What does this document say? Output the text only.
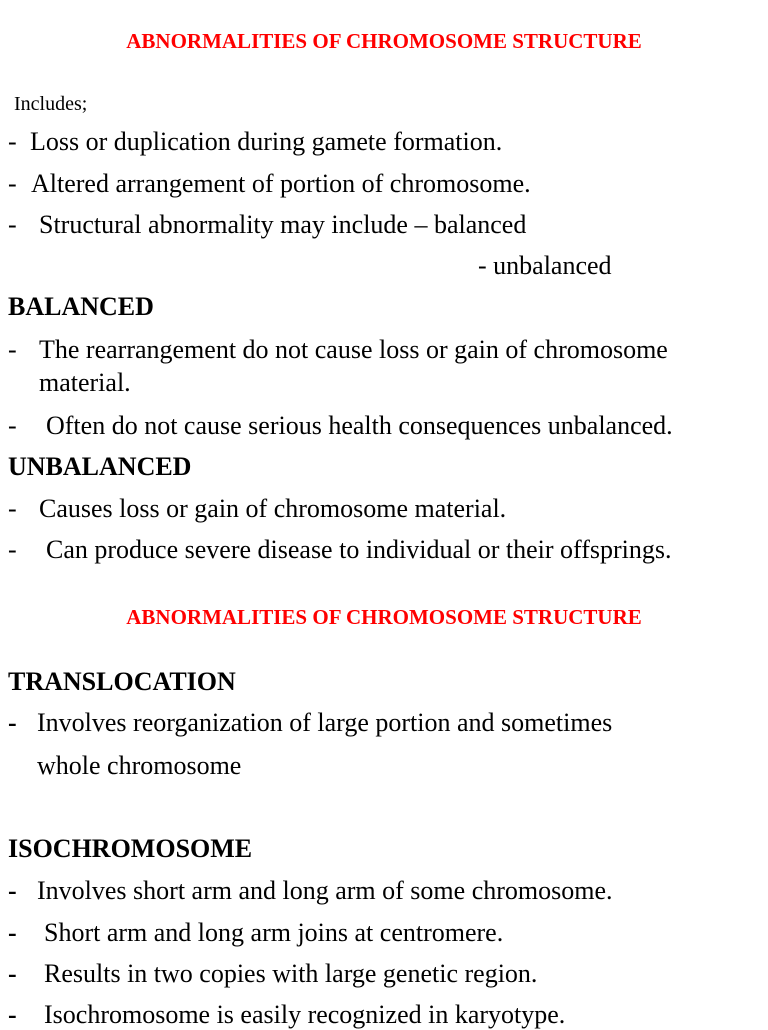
ABNORMALITIES OF CHROMOSOME STRUCTURE
Includes;
- Loss or duplication during gamete formation.
- Altered arrangement of portion of chromosome.
- Structural abnormality may include – balanced
- unbalanced
BALANCED
- The rearrangement do not cause loss or gain of chromosome
material.
- Often do not cause serious health consequences unbalanced.
UNBALANCED
- Causes loss or gain of chromosome material.
- Can produce severe disease to individual or their offsprings.
ABNORMALITIES OF CHROMOSOME STRUCTURE
TRANSLOCATION
- Involves reorganization of large portion and sometimes
whole chromosome
ISOCHROMOSOME
- Involves short arm and long arm of some chromosome.
- Short arm and long arm joins at centromere.
- Results in two copies with large genetic region.
- Isochromosome is easily recognized in karyotype.
